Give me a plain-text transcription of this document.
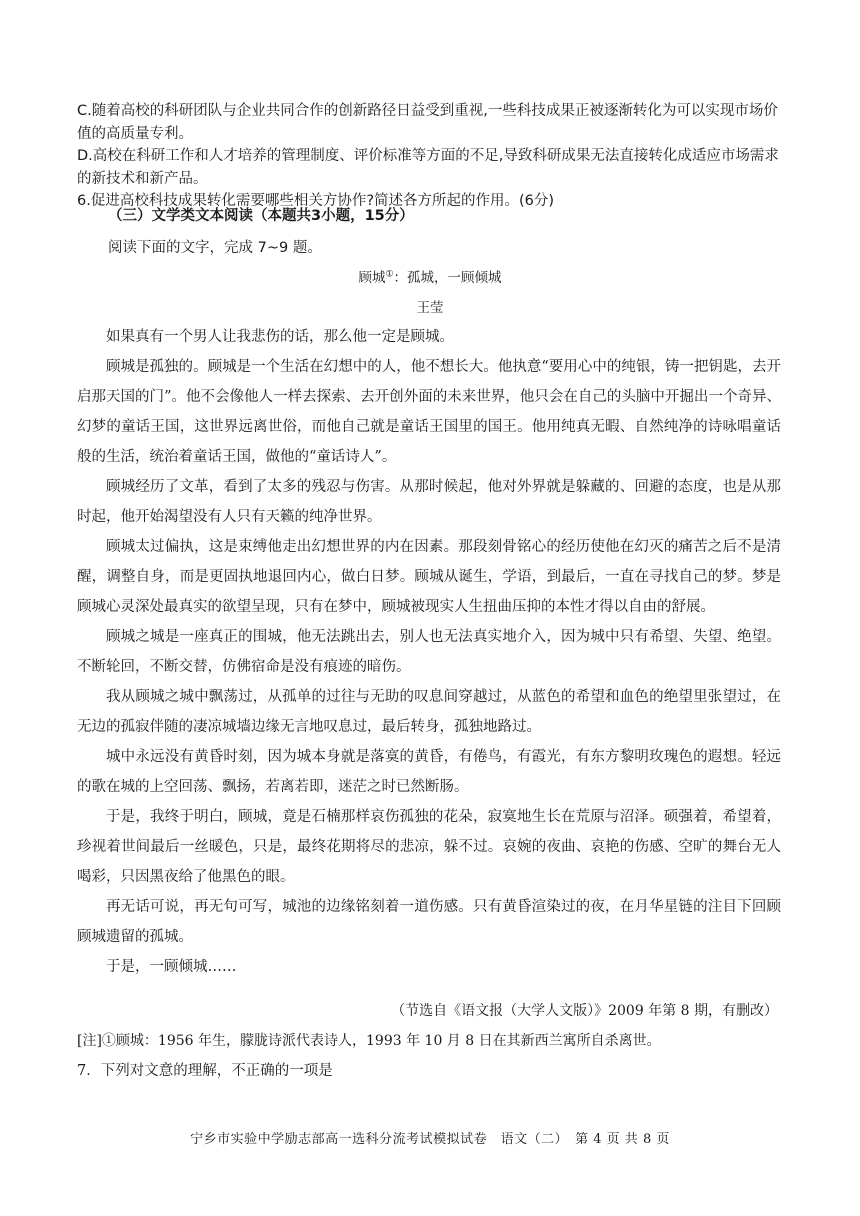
C.随着高校的科研团队与企业共同合作的创新路径日益受到重视,一些科技成果正被逐渐转化为可以实现市场价值的高质量专利。

D.高校在科研工作和人才培养的管理制度、评价标准等方面的不足,导致科研成果无法直接转化成适应市场需求的新技术和新产品。

6.促进高校科技成果转化需要哪些相关方协作?简述各方所起的作用。(6分)

（三）文学类文本阅读（本题共3小题，15分）
阅读下面的文字，完成 7~9 题。
顾城①：孤城，一顾倾城
王莹

如果真有一个男人让我悲伤的话，那么他一定是顾城。

顾城是孤独的。顾城是一个生活在幻想中的人，他不想长大。他执意“要用心中的纯银，铸一把钥匙，去开启那天国的门”。他不会像他人一样去探索、去开创外面的未来世界，他只会在自己的头脑中开掘出一个奇异、幻梦的童话王国，这世界远离世俗，而他自己就是童话王国里的国王。他用纯真无暇、自然纯净的诗咏唱童话般的生活，统治着童话王国，做他的“童话诗人”。

顾城经历了文革，看到了太多的残忍与伤害。从那时候起，他对外界就是躲藏的、回避的态度，也是从那时起，他开始渴望没有人只有天籁的纯净世界。

顾城太过偏执，这是束缚他走出幻想世界的内在因素。那段刻骨铭心的经历使他在幻灭的痛苦之后不是清醒，调整自身，而是更固执地退回内心，做白日梦。顾城从诞生，学语，到最后，一直在寻找自己的梦。梦是顾城心灵深处最真实的欲望呈现，只有在梦中，顾城被现实人生扭曲压抑的本性才得以自由的舒展。

顾城之城是一座真正的围城，他无法跳出去，别人也无法真实地介入，因为城中只有希望、失望、绝望。不断轮回，不断交替，仿佛宿命是没有痕迹的暗伤。

我从顾城之城中飘荡过，从孤单的过往与无助的叹息间穿越过，从蓝色的希望和血色的绝望里张望过，在无边的孤寂伴随的凄凉城墙边缘无言地叹息过，最后转身，孤独地路过。

城中永远没有黄昏时刻，因为城本身就是落寞的黄昏，有倦鸟，有霞光，有东方黎明玫瑰色的遐想。轻远的歌在城的上空回荡、飘扬，若离若即，迷茫之时已然断肠。

于是，我终于明白，顾城，竟是石楠那样哀伤孤独的花朵，寂寞地生长在荒原与沼泽。硕强着，希望着，珍视着世间最后一丝暖色，只是，最终花期将尽的悲凉，躲不过。哀婉的夜曲、哀艳的伤感、空旷的舞台无人喝彩，只因黑夜给了他黑色的眼。

再无话可说，再无句可写，城池的边缘铭刻着一道伤感。只有黄昏渲染过的夜，在月华星链的注目下回顾顾城遗留的孤城。

于是，一顾倾城……

（节选自《语文报（大学人文版）》2009 年第 8 期，有删改）
[注]①顾城：1956 年生，朦胧诗派代表诗人，1993 年 10 月 8 日在其新西兰寓所自杀离世。
7．下列对文意的理解，不正确的一项是
宁乡市实验中学励志部高一选科分流考试模拟试卷　语文（二）　第 4 页 共 8 页
